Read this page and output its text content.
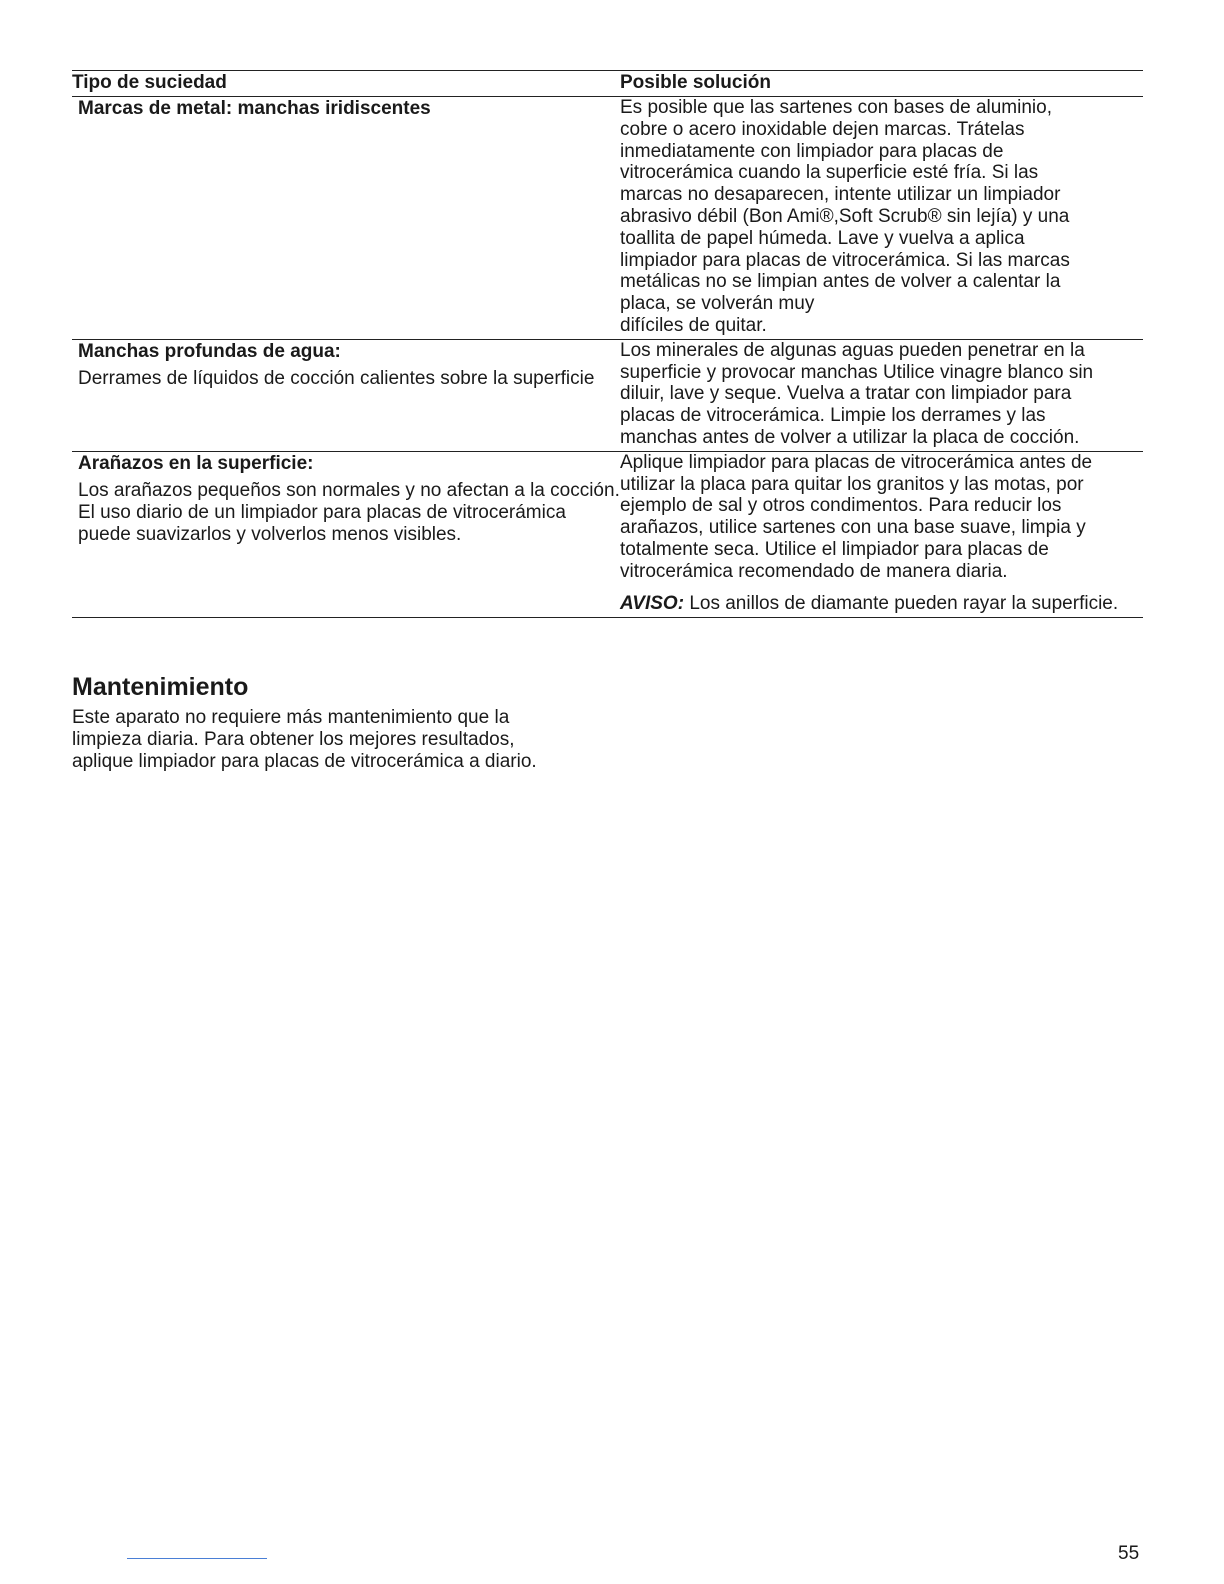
Tipo de suciedad	Posible solución
Marcas de metal: manchas iridiscentes	Es posible que las sartenes con bases de aluminio,
cobre o acero inoxidable dejen marcas. Trátelas
inmediatamente con limpiador para placas de
vitrocerámica cuando la superficie esté fría. Si las
marcas no desaparecen, intente utilizar un limpiador
abrasivo débil (Bon Ami®,Soft Scrub® sin lejía) y una
toallita de papel húmeda. Lave y vuelva a aplica
limpiador para placas de vitrocerámica. Si las marcas
metálicas no se limpian antes de volver a calentar la
placa, se volverán muy
difíciles de quitar.
Manchas profundas de agua:
Derrames de líquidos de cocción calientes sobre la superficie
Los minerales de algunas aguas pueden penetrar en la
superficie y provocar manchas Utilice vinagre blanco sin
diluir, lave y seque. Vuelva a tratar con limpiador para
placas de vitrocerámica. Limpie los derrames y las
manchas antes de volver a utilizar la placa de cocción.
Arañazos en la superficie:
Los arañazos pequeños son normales y no afectan a la cocción. El uso diario de un limpiador para placas de vitrocerámica puede suavizarlos y volverlos menos visibles.
Aplique limpiador para placas de vitrocerámica antes de
utilizar la placa para quitar los granitos y las motas, por
ejemplo de sal y otros condimentos. Para reducir los
arañazos, utilice sartenes con una base suave, limpia y
totalmente seca. Utilice el limpiador para placas de
vitrocerámica recomendado de manera diaria.
AVISO: Los anillos de diamante pueden rayar la superficie.
Mantenimiento
Este aparato no requiere más mantenimiento que la
limpieza diaria. Para obtener los mejores resultados,
aplique limpiador para placas de vitrocerámica a diario.
55
